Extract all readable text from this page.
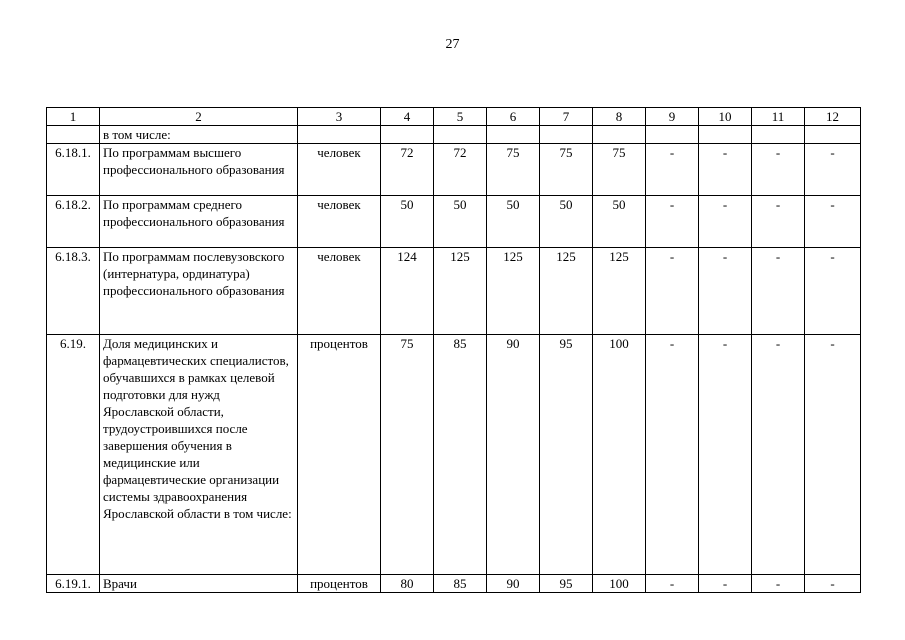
27
1	2	3	4	5	6	7	8	9	10	11	12
	в том числе:										
6.18.1.	По программам высшего профессионального образования	человек	72	72	75	75	75	-	-	-	-
6.18.2.	По программам среднего профессионального образования	человек	50	50	50	50	50	-	-	-	-
6.18.3.	По программам послевузовского (интернатура, ординатура) профессионального образования	человек	124	125	125	125	125	-	-	-	-
6.19.	Доля медицинских и фармацевтических специалистов, обучавшихся в рамках целевой подготовки для нужд Ярославской области, трудоустроившихся после завершения обучения в медицинские или фармацевтические организации системы здравоохранения Ярославской области в том числе:	процентов	75	85	90	95	100	-	-	-	-
6.19.1.	Врачи	процентов	80	85	90	95	100	-	-	-	-
